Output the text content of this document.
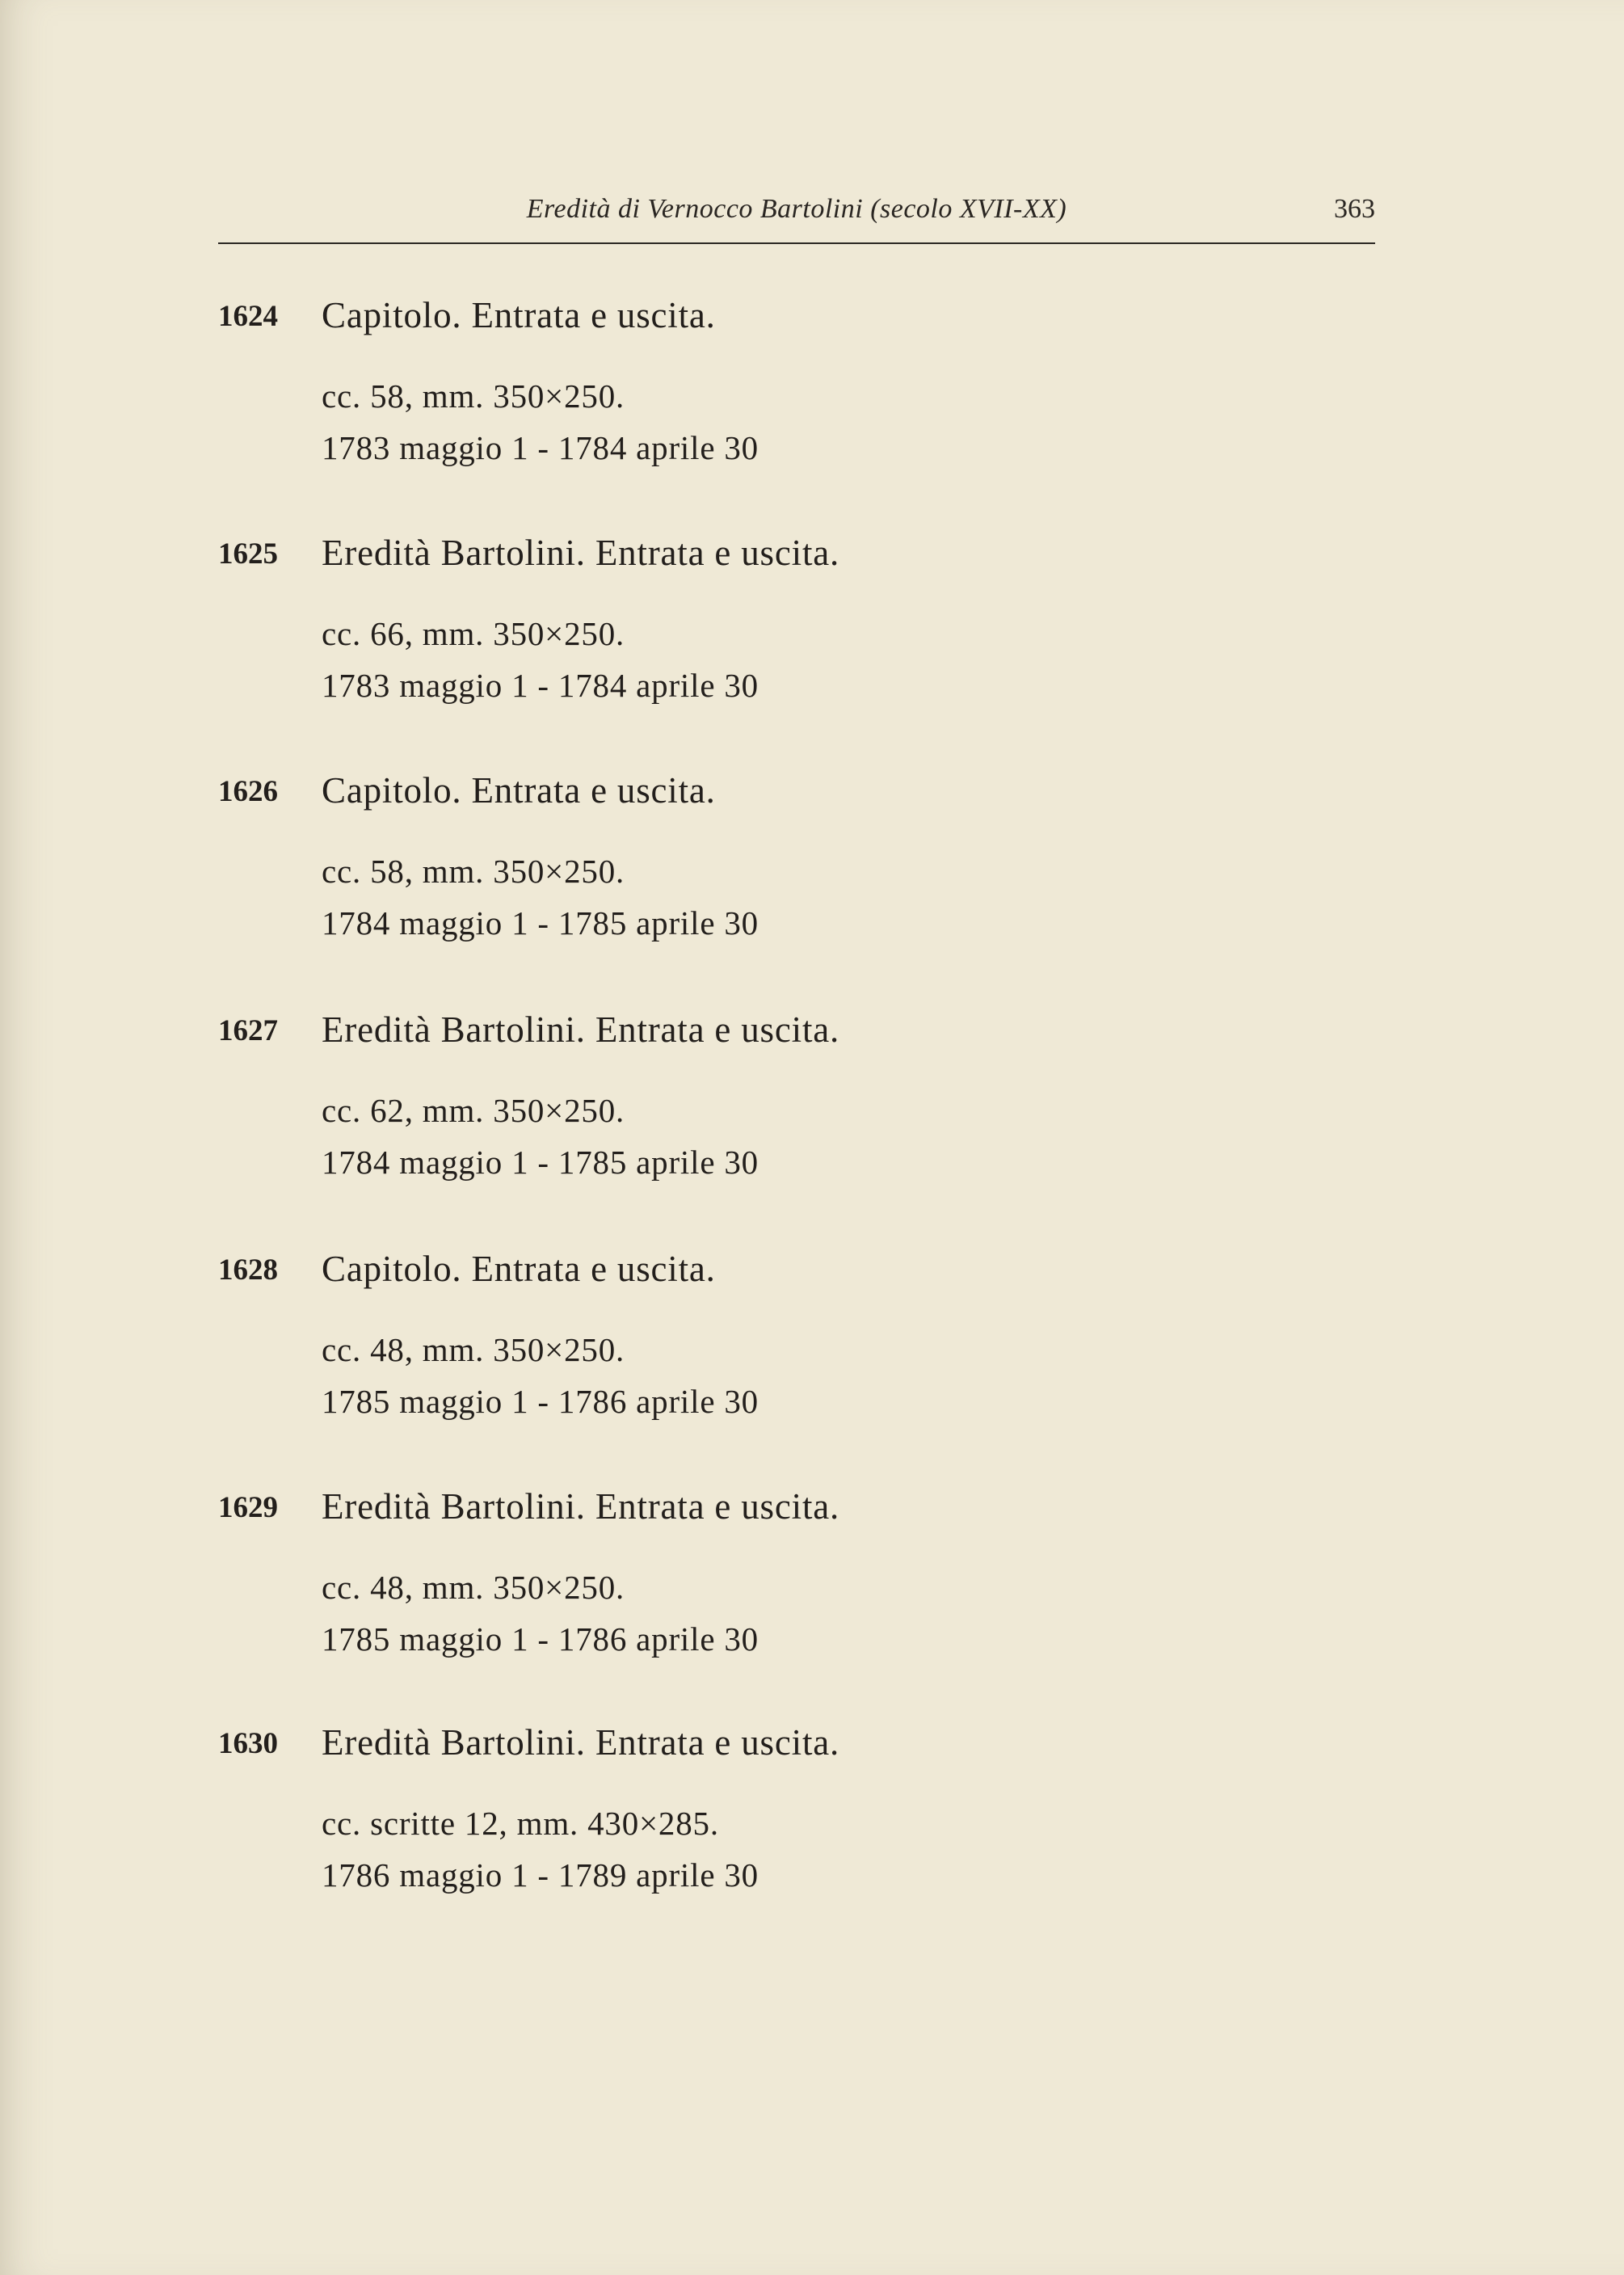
Eredità di Vernocco Bartolini (secolo XVII-XX)	363
1624 Capitolo. Entrata e uscita.
cc. 58, mm. 350×250.
1783 maggio 1 - 1784 aprile 30
1625 Eredità Bartolini. Entrata e uscita.
cc. 66, mm. 350×250.
1783 maggio 1 - 1784 aprile 30
1626 Capitolo. Entrata e uscita.
cc. 58, mm. 350×250.
1784 maggio 1 - 1785 aprile 30
1627 Eredità Bartolini. Entrata e uscita.
cc. 62, mm. 350×250.
1784 maggio 1 - 1785 aprile 30
1628 Capitolo. Entrata e uscita.
cc. 48, mm. 350×250.
1785 maggio 1 - 1786 aprile 30
1629 Eredità Bartolini. Entrata e uscita.
cc. 48, mm. 350×250.
1785 maggio 1 - 1786 aprile 30
1630 Eredità Bartolini. Entrata e uscita.
cc. scritte 12, mm. 430×285.
1786 maggio 1 - 1789 aprile 30
